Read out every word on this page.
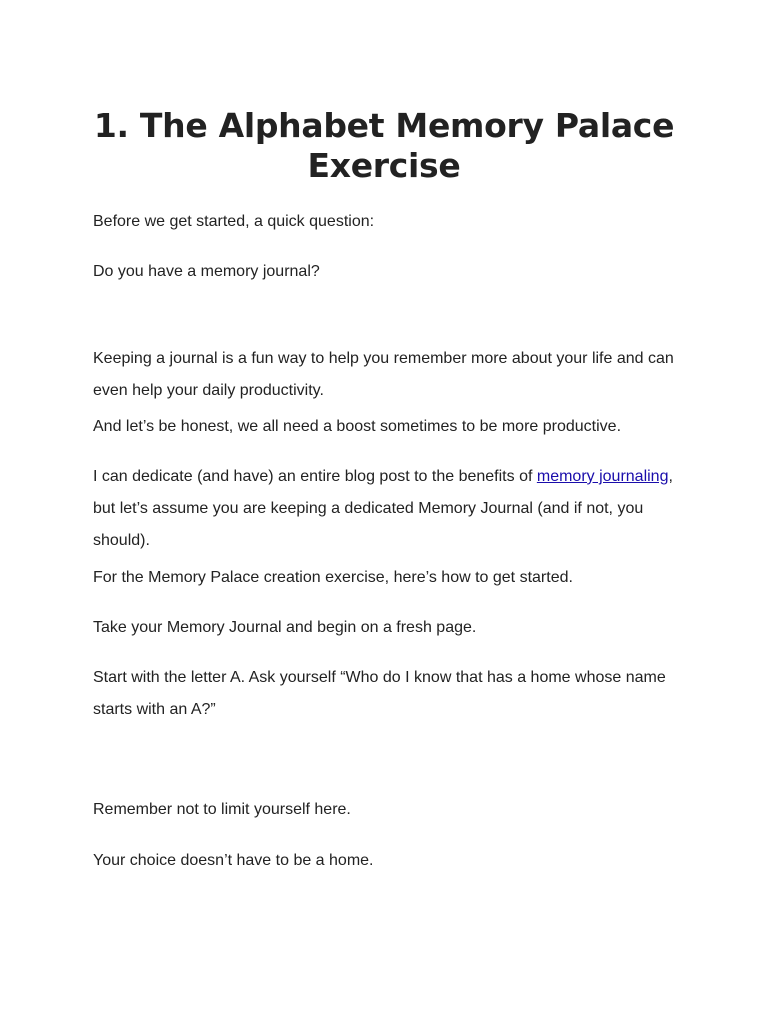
1. The Alphabet Memory Palace
Exercise

Before we get started, a quick question:

Do you have a memory journal?

Keeping a journal is a fun way to help you remember more about your life and can even help your daily productivity.

And let’s be honest, we all need a boost sometimes to be more productive.

I can dedicate (and have) an entire blog post to the benefits of memory journaling, but let’s assume you are keeping a dedicated Memory Journal (and if not, you should).

For the Memory Palace creation exercise, here’s how to get started.

Take your Memory Journal and begin on a fresh page.

Start with the letter A. Ask yourself “Who do I know that has a home whose name starts with an A?”

Remember not to limit yourself here.

Your choice doesn’t have to be a home.
